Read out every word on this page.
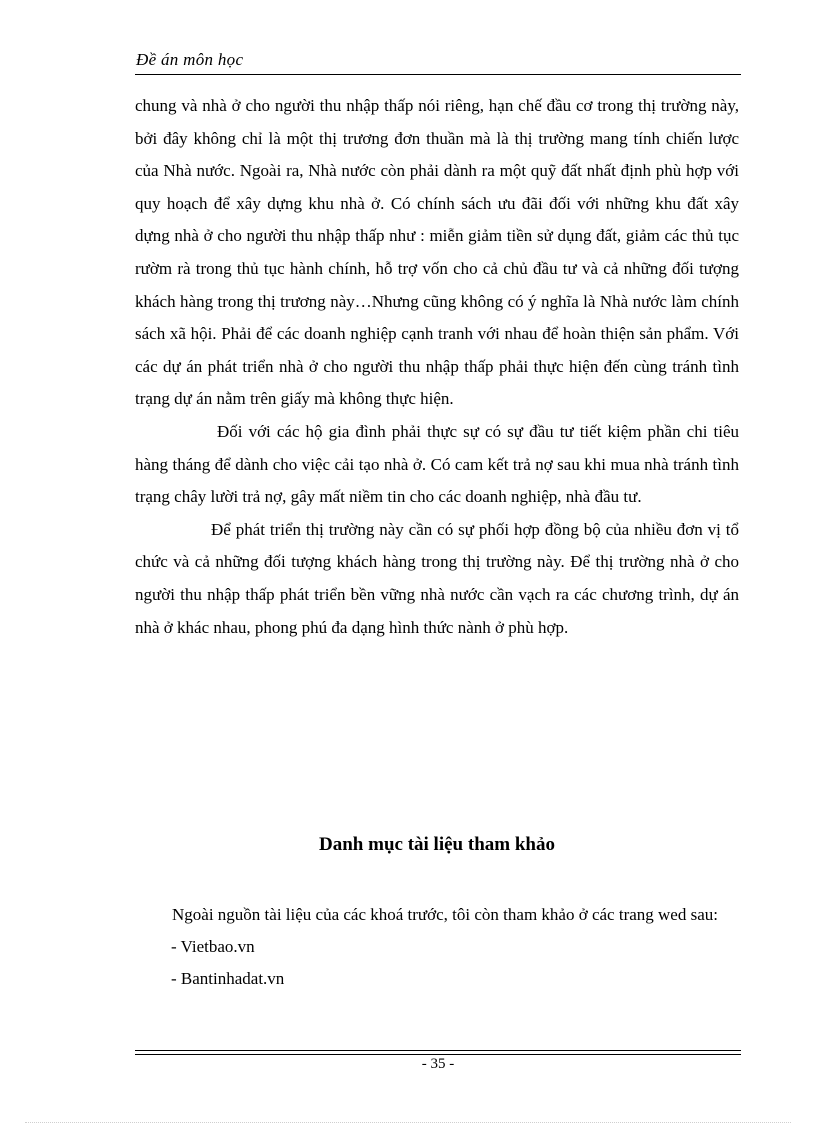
Đề án môn học

chung và nhà ở cho người thu nhập thấp nói riêng, hạn chế đầu cơ trong thị trường này, bởi đây không chỉ là một thị trương đơn thuần mà là thị trường mang tính chiến lược của Nhà nước. Ngoài ra, Nhà nước còn phải dành ra một quỹ đất nhất định phù hợp với quy hoạch để xây dựng khu nhà ở. Có chính sách ưu đãi đối với những khu đất xây dựng nhà ở cho người thu nhập thấp như : miễn giảm tiền sử dụng đất, giảm các thủ tục rườm rà trong thủ tục hành chính, hỗ trợ vốn cho cả chủ đầu tư và cả những đối tượng khách hàng trong thị trương này…Nhưng cũng không có ý nghĩa là Nhà nước làm chính sách xã hội. Phải để các doanh nghiệp cạnh tranh với nhau để hoàn thiện sản phẩm. Với các dự án phát triển nhà ở cho người thu nhập thấp phải thực hiện đến cùng tránh tình trạng dự án nằm trên giấy mà không thực hiện.

Đối với các hộ gia đình phải thực sự có sự đầu tư tiết kiệm phần chi tiêu hàng tháng để dành cho việc cải tạo nhà ở. Có cam kết trả nợ sau khi mua nhà tránh tình trạng chây lười trả nợ, gây mất niềm tin cho các doanh nghiệp, nhà đầu tư.

Để phát triển thị trường này cần có sự phối hợp đồng bộ của nhiều đơn vị tổ chức và cả những đối tượng khách hàng trong thị trường này. Để thị trường nhà ở cho người thu nhập thấp phát triển bền vững nhà nước cần vạch ra các chương trình, dự án nhà ở khác nhau, phong phú đa dạng hình thức nành ở phù hợp.

Danh mục tài liệu tham khảo

Ngoài nguồn tài liệu của các khoá trước, tôi còn tham khảo ở các trang wed sau:

- Vietbao.vn
- Bantinhadat.vn
- 35 -
